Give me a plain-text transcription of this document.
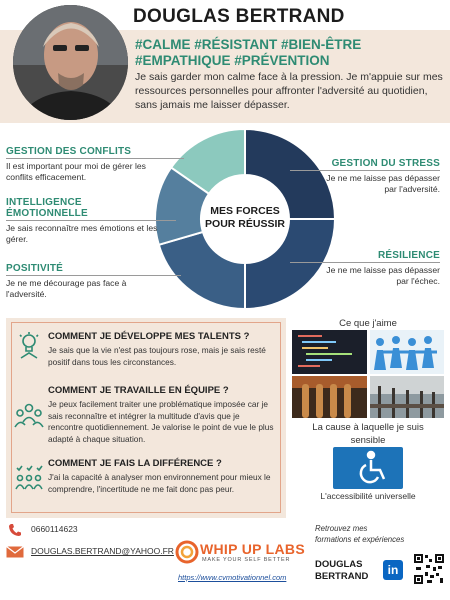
DOUGLAS BERTRAND
#CALME #RÉSISTANT #BIEN-ÊTRE
#EMPATHIQUE #PRÉVENTION
Je sais garder mon calme face à la pression. Je m'appuie sur mes ressources personnelles pour affronter l'adversité au quotidien, sans jamais me laisser dépasser.
MES FORCES
POUR RÉUSSIR
GESTION DES CONFLITS
Il est important pour moi de gérer les conflits efficacement.
INTELLIGENCE ÉMOTIONNELLE
Je sais reconnaître mes émotions et les gérer.
POSITIVITÉ
Je ne me décourage pas face à l'adversité.
GESTION DU STRESS
Je ne me laisse pas dépasser par l'adversité.
RÉSILIENCE
Je ne me laisse pas dépasser par l'échec.
COMMENT JE DÉVELOPPE MES TALENTS ?
Je sais que la vie n'est pas toujours rose, mais je sais resté positif dans tous les circonstances.
COMMENT JE TRAVAILLE EN ÉQUIPE ?
Je peux facilement traiter une problématique imposée car je sais reconnaître et intégrer la multitude d'avis que je rencontre quotidiennement. Je valorise le point de vue le plus adapté à chaque situation.
COMMENT JE FAIS LA DIFFÉRENCE ?
J'ai la capacité à analyser mon environnement pour mieux le comprendre, l'incertitude ne me fait donc pas peur.
Ce que j'aime
La cause à laquelle je suis sensible
L'accessibilité universelle
0660114623
DOUGLAS.BERTRAND@YAHOO.FR WHIP UP LABS
MAKE YOUR SELF BETTER
https://www.cvmotivationnel.com
Retrouvez mes formations et expériences
DOUGLAS
BERTRAND	in
